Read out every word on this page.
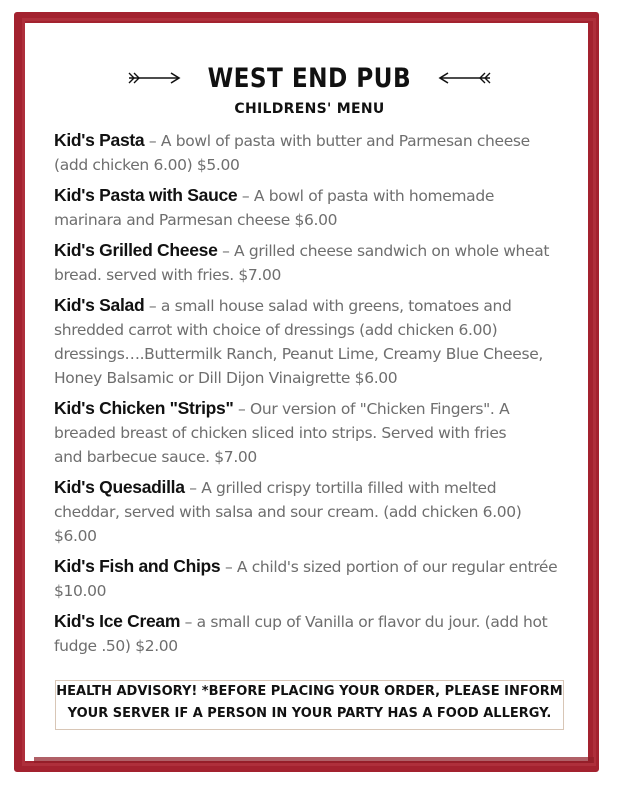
WEST END PUB
CHILDRENS' MENU
Kid's Pasta – A bowl of pasta with butter and Parmesan cheese
(add chicken 6.00) $5.00
Kid's Pasta with Sauce – A bowl of pasta with homemade
marinara and Parmesan cheese $6.00
Kid's Grilled Cheese – A grilled cheese sandwich on whole wheat
bread. served with fries. $7.00
Kid's Salad – a small house salad with greens, tomatoes and
shredded carrot with choice of dressings (add chicken 6.00)
dressings….Buttermilk Ranch, Peanut Lime, Creamy Blue Cheese,
Honey Balsamic or Dill Dijon Vinaigrette $6.00
Kid's Chicken "Strips" – Our version of "Chicken Fingers". A
breaded breast of chicken sliced into strips. Served with fries
and barbecue sauce. $7.00
Kid's Quesadilla – A grilled crispy tortilla filled with melted
cheddar, served with salsa and sour cream. (add chicken 6.00)
$6.00
Kid's Fish and Chips – A child's sized portion of our regular entrée
$10.00
Kid's Ice Cream – a small cup of Vanilla or flavor du jour. (add hot
fudge .50) $2.00
HEALTH ADVISORY! *BEFORE PLACING YOUR ORDER, PLEASE INFORM
YOUR SERVER IF A PERSON IN YOUR PARTY HAS A FOOD ALLERGY.
